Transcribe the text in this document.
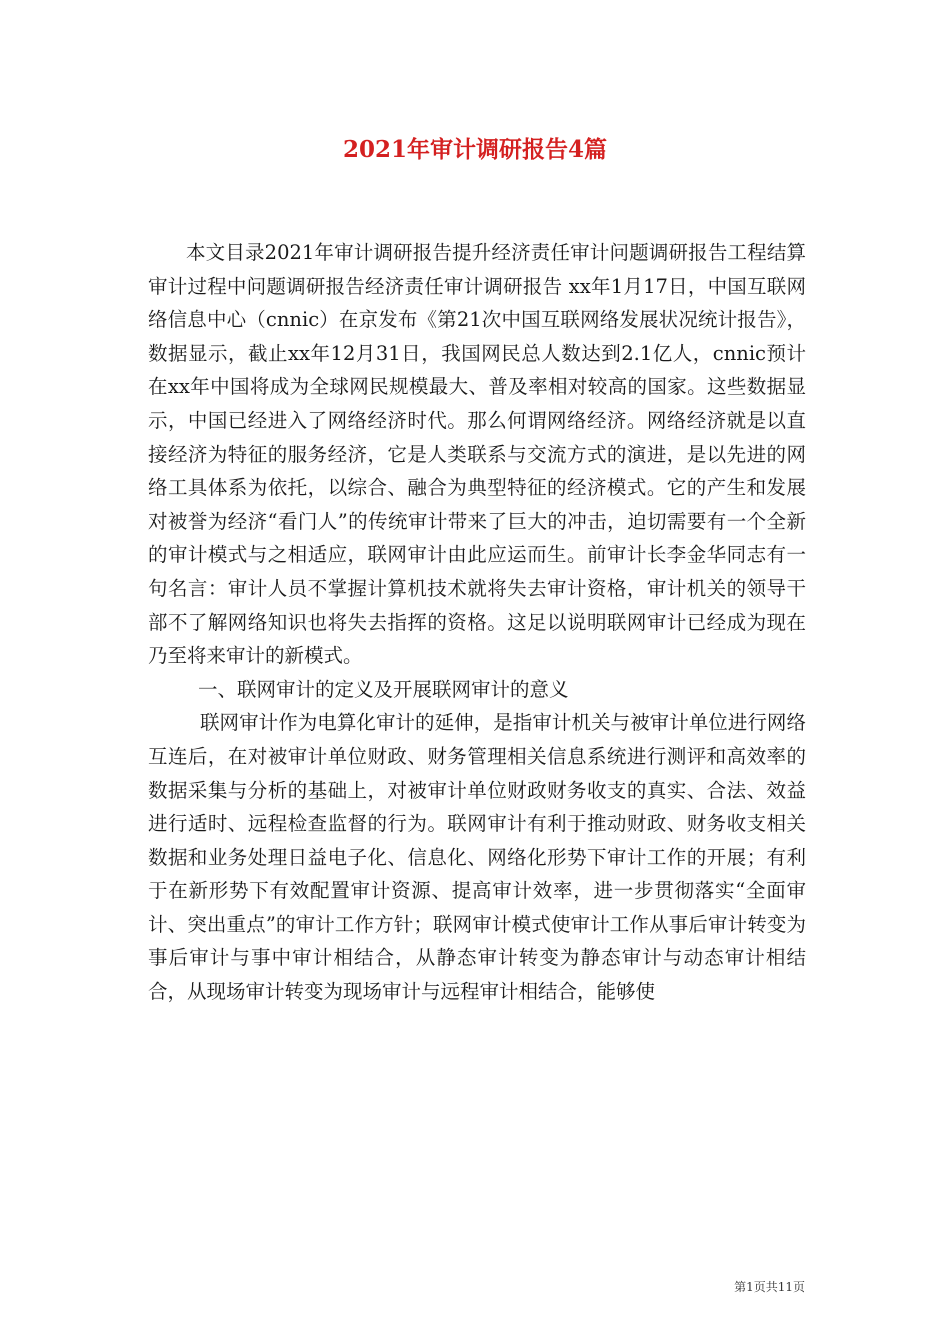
2021年审计调研报告4篇

本文目录2021年审计调研报告提升经济责任审计问题调研报告工程结算审计过程中问题调研报告经济责任审计调研报告 xx年1月17日，中国互联网络信息中心（cnnic）在京发布《第21次中国互联网络发展状况统计报告》，数据显示，截止xx年12月31日，我国网民总人数达到2.1亿人，cnnic预计在xx年中国将成为全球网民规模最大、普及率相对较高的国家。这些数据显示，中国已经进入了网络经济时代。那么何谓网络经济。网络经济就是以直接经济为特征的服务经济，它是人类联系与交流方式的演进，是以先进的网络工具体系为依托，以综合、融合为典型特征的经济模式。它的产生和发展对被誉为经济“看门人”的传统审计带来了巨大的冲击，迫切需要有一个全新的审计模式与之相适应，联网审计由此应运而生。前审计长李金华同志有一句名言：审计人员不掌握计算机技术就将失去审计资格，审计机关的领导干部不了解网络知识也将失去指挥的资格。这足以说明联网审计已经成为现在乃至将来审计的新模式。

一、联网审计的定义及开展联网审计的意义

联网审计作为电算化审计的延伸，是指审计机关与被审计单位进行网络互连后，在对被审计单位财政、财务管理相关信息系统进行测评和高效率的数据采集与分析的基础上，对被审计单位财政财务收支的真实、合法、效益进行适时、远程检查监督的行为。联网审计有利于推动财政、财务收支相关数据和业务处理日益电子化、信息化、网络化形势下审计工作的开展；有利于在新形势下有效配置审计资源、提高审计效率，进一步贯彻落实“全面审计、突出重点”的审计工作方针；联网审计模式使审计工作从事后审计转变为事后审计与事中审计相结合，从静态审计转变为静态审计与动态审计相结合，从现场审计转变为现场审计与远程审计相结合，能够使

第1页共11页
